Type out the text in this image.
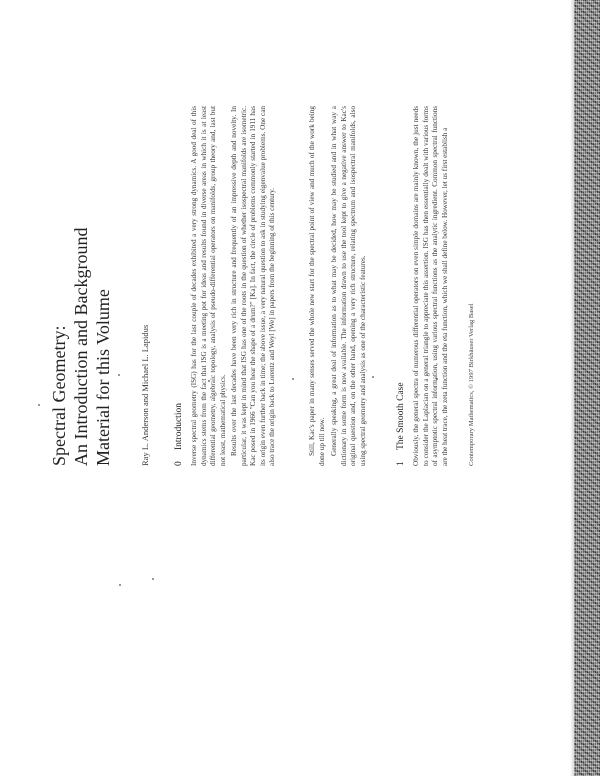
Spectral Geometry: An Introduction and Background Material for this Volume	Ray L. Anderson and Michael L. Lapidus	0Introduction Inverse spectral geometry (ISG) has for the last couple of decades exhibited a very strong dynamics. A good deal of this dynamics stems from the fact that ISG is a meeting pot for ideas and results found in diverse areas in which it is at least differential geometry, algebraic topology, analysis of pseudo-differential operators on manifolds, group theory and, last but not least, mathematical physics. Results over the last decades have been very rich in structure and frequently of an impressive depth and novelty. In particular, it was kept in mind that ISG has one of the roots in the question of whether isospectral manifolds are isometric. Kac posed in 1966 "Can you hear the shape of a drum?" [Ka]. In fact, the circle of problems commonly started in 1911 has its origin even further back in time; the above issue, a very natural question to ask in studying eigenvalue problems. One can also trace the origin back to Lorentz and Weyl [We] in papers from the beginning of this century.	Still, Kac's paper in many senses served the whole new start for the spectral point of view and much of the work being done up till now. Generally speaking, a great deal of information as to what may be decided, how may be studied and in what way a dictionary in some form is now available. The information drawn to use the tool kept to give a negative answer to Kac's original question and, on the other hand, opening a very rich structure, relating spectrum and isospectral manifolds, also using spectral geometry and analysis as one of the characteristic features.	1The Smooth Case Obviously, the general spectra of numerous differential operators on even simple domains are mainly known, the just needs to consider the Laplacian on a general triangle to appreciate this assertion. ISG has then essentially dealt with various forms of asymptotic spectral information, using various spectral functions as the analytic ingredient. Common spectral functions are the heat trace, the zeta function and the eta function, which we shall define below. However, let us first establish a	Contemporary Mathematics, © 1997 Birkhäuser Verlag Basel
